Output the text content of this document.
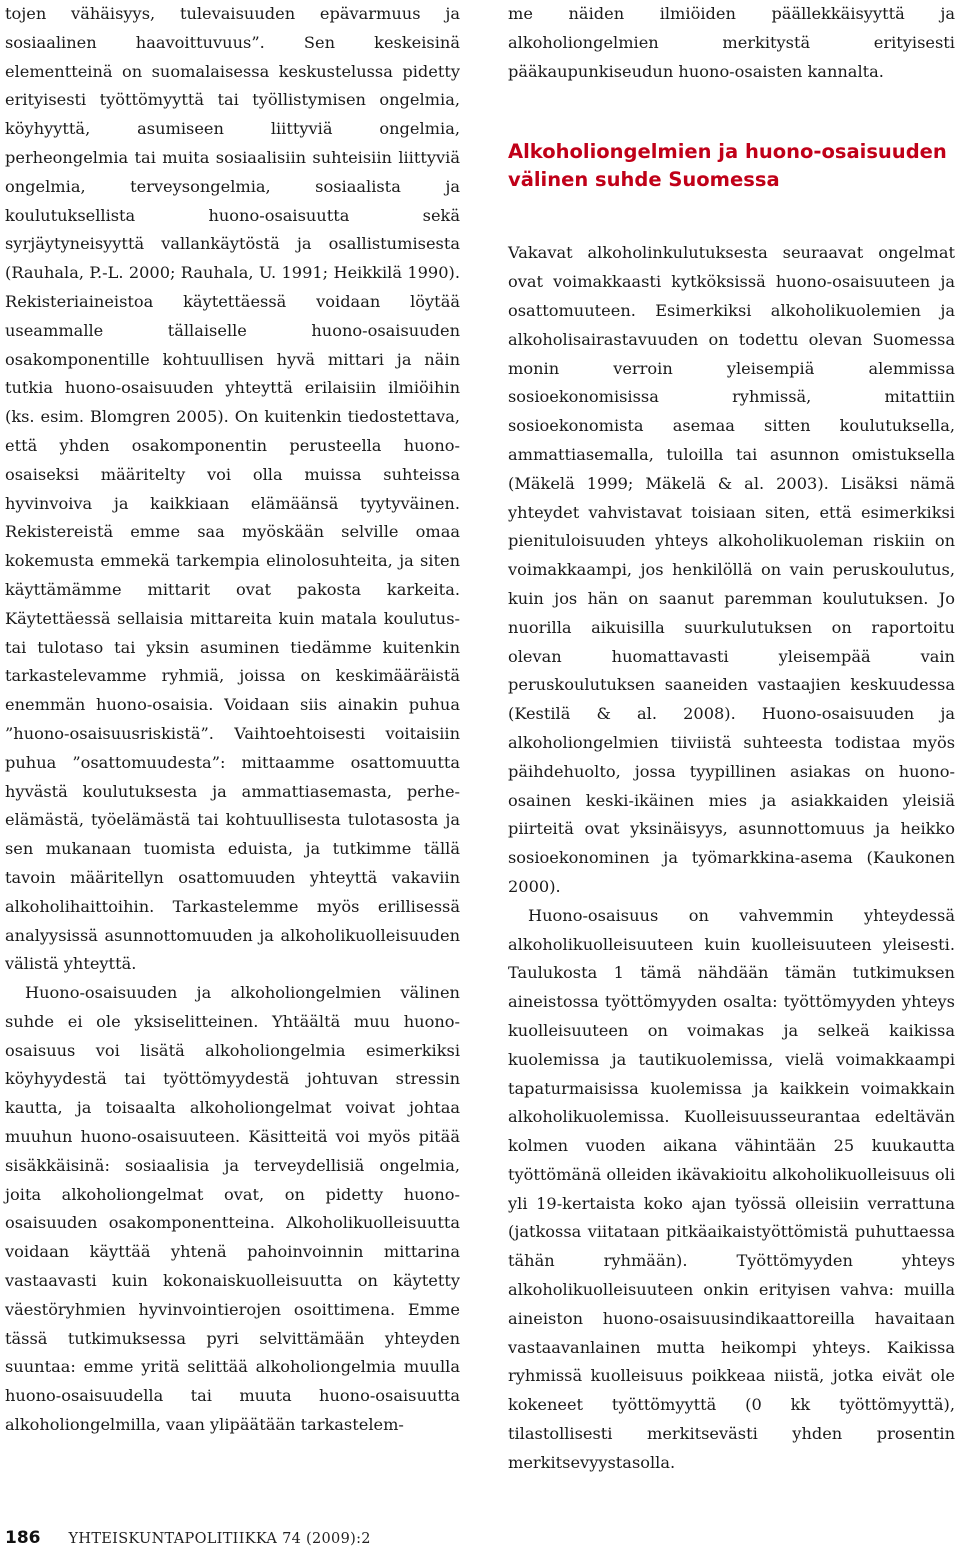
tojen vähäisyys, tulevaisuuden epävarmuus ja sosiaalinen haavoittuvuus”. Sen keskeisinä elementteinä on suomalaisessa keskustelussa pidetty erityisesti työttömyyttä tai työllistymisen ongelmia, köyhyyttä, asumiseen liittyviä ongelmia, perheongelmia tai muita sosiaalisiin suhteisiin liittyviä ongelmia, terveysongelmia, sosiaalista ja koulutuksellista huono-osaisuutta sekä syrjäytyneisyyttä vallankäytöstä ja osallistumisesta (Rauhala, P.-L. 2000; Rauhala, U. 1991; Heikkilä 1990). Rekisteriaineistoa käytettäessä voidaan löytää useammalle tällaiselle huono-osaisuuden osakomponentille kohtuullisen hyvä mittari ja näin tutkia huono-osaisuuden yhteyttä erilaisiin ilmiöihin (ks. esim. Blomgren 2005). On kuitenkin tiedostettava, että yhden osakomponentin perusteella huono-osaiseksi määritelty voi olla muissa suhteissa hyvinvoiva ja kaikkiaan elämäänsä tyytyväinen. Rekistereistä emme saa myöskään selville omaa kokemusta emmekä tarkempia elinolosuhteita, ja siten käyttämämme mittarit ovat pakosta karkeita. Käytettäessä sellaisia mittareita kuin matala koulutus- tai tulotaso tai yksin asuminen tiedämme kuitenkin tarkastelevamme ryhmiä, joissa on keskimääräistä enemmän huono-osaisia. Voidaan siis ainakin puhua ”huono-osaisuusriskistä”. Vaihtoehtoisesti voitaisiin puhua ”osattomuudesta”: mittaamme osattomuutta hyvästä koulutuksesta ja ammattiasemasta, perhe-elämästä, työelämästä tai kohtuullisesta tulotasosta ja sen mukanaan tuomista eduista, ja tutkimme tällä tavoin määritellyn osattomuuden yhteyttä vakaviin alkoholihaittoihin. Tarkastelemme myös erillisessä analyysissä asunnottomuuden ja alkoholikuolleisuuden välistä yhteyttä.

Huono-osaisuuden ja alkoholiongelmien välinen suhde ei ole yksiselitteinen. Yhtäältä muu huono-osaisuus voi lisätä alkoholiongelmia esimerkiksi köyhyydestä tai työttömyydestä johtuvan stressin kautta, ja toisaalta alkoholiongelmat voivat johtaa muuhun huono-osaisuuteen. Käsitteitä voi myös pitää sisäkkäisinä: sosiaalisia ja terveydellisiä ongelmia, joita alkoholiongelmat ovat, on pidetty huono-osaisuuden osakomponentteina. Alkoholikuolleisuutta voidaan käyttää yhtenä pahoinvoinnin mittarina vastaavasti kuin kokonaiskuolleisuutta on käytetty väestöryhmien hyvinvointierojen osoittimena. Emme tässä tutkimuksessa pyri selvittämään yhteyden suuntaa: emme yritä selittää alkoholiongelmia muulla huono-osaisuudella tai muuta huono-osaisuutta alkoholiongelmilla, vaan ylipäätään tarkastelem-

me näiden ilmiöiden päällekkäisyyttä ja alkoholiongelmien merkitystä erityisesti pääkaupunkiseudun huono-osaisten kannalta.

Alkoholiongelmien ja huono-osaisuuden välinen suhde Suomessa

Vakavat alkoholinkulutuksesta seuraavat ongelmat ovat voimakkaasti kytköksissä huono-osaisuuteen ja osattomuuteen. Esimerkiksi alkoholikuolemien ja alkoholisairastavuuden on todettu olevan Suomessa monin verroin yleisempiä alemmissa sosioekonomisissa ryhmissä, mitattiin sosioekonomista asemaa sitten koulutuksella, ammattiasemalla, tuloilla tai asunnon omistuksella (Mäkelä 1999; Mäkelä & al. 2003). Lisäksi nämä yhteydet vahvistavat toisiaan siten, että esimerkiksi pienituloisuuden yhteys alkoholikuoleman riskiin on voimakkaampi, jos henkilöllä on vain peruskoulutus, kuin jos hän on saanut paremman koulutuksen. Jo nuorilla aikuisilla suurkulutuksen on raportoitu olevan huomattavasti yleisempää vain peruskoulutuksen saaneiden vastaajien keskuudessa (Kestilä & al. 2008). Huono-osaisuuden ja alkoholiongelmien tiiviistä suhteesta todistaa myös päihdehuolto, jossa tyypillinen asiakas on huono-osainen keski-ikäinen mies ja asiakkaiden yleisiä piirteitä ovat yksinäisyys, asunnottomuus ja heikko sosioekonominen ja työmarkkina-asema (Kaukonen 2000).

Huono-osaisuus on vahvemmin yhteydessä alkoholikuolleisuuteen kuin kuolleisuuteen yleisesti. Taulukosta 1 tämä nähdään tämän tutkimuksen aineistossa työttömyyden osalta: työttömyyden yhteys kuolleisuuteen on voimakas ja selkeä kaikissa kuolemissa ja tautikuolemissa, vielä voimakkaampi tapaturmaisissa kuolemissa ja kaikkein voimakkain alkoholikuolemissa. Kuolleisuusseurantaa edeltävän kolmen vuoden aikana vähintään 25 kuukautta työttömänä olleiden ikävakioitu alkoholikuolleisuus oli yli 19-kertaista koko ajan työssä olleisiin verrattuna (jatkossa viitataan pitkäaikaistyöttömistä puhuttaessa tähän ryhmään). Työttömyyden yhteys alkoholikuolleisuuteen onkin erityisen vahva: muilla aineiston huono-osaisuusindikaattoreilla havaitaan vastaavanlainen mutta heikompi yhteys. Kaikissa ryhmissä kuolleisuus poikkeaa niistä, jotka eivät ole kokeneet työttömyyttä (0 kk työttömyyttä), tilastollisesti merkitsevästi yhden prosentin merkitsevyystasolla.

186 YHTEISKUNTAPOLITIIKKA 74 (2009):2
